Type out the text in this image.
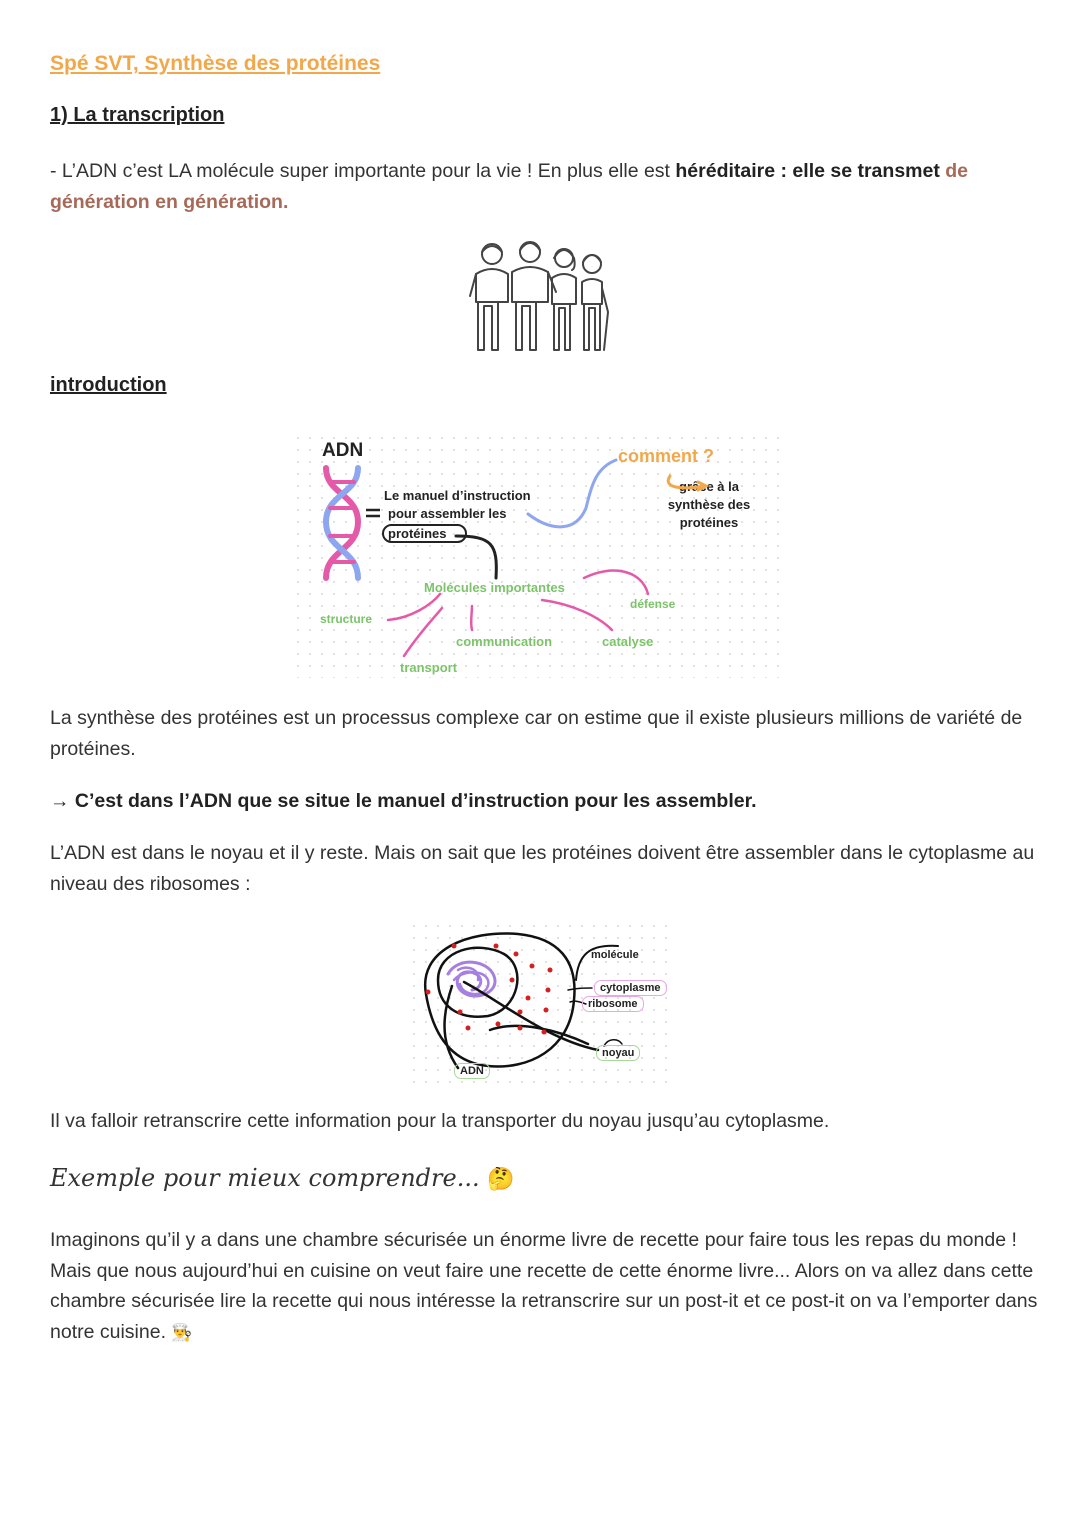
Spé SVT, Synthèse des protéines
1) La transcription
- L’ADN c’est LA molécule super importante pour la vie ! En plus elle est héréditaire : elle se transmet de génération en génération.
introduction
ADN
Le manuel d’instruction
pour assembler les
protéines
comment ?
grâce à la
synthèse des
protéines
Molécules importantes
structure
transport
communication	catalyse
défense
La synthèse des protéines est un processus complexe car on estime que il existe plusieurs millions de variété de protéines.
→ C’est dans l’ADN que se situe le manuel d’instruction pour les assembler.
L’ADN est dans le noyau et il y reste. Mais on sait que les protéines doivent être assembler dans le cytoplasme au niveau des ribosomes :
molécule
cytoplasme
ribosome
noyau
ADN
Il va falloir retranscrire cette information pour la transporter du noyau jusqu’au cytoplasme.
Exemple pour mieux comprendre... 🤔
Imaginons qu’il y a dans une chambre sécurisée un énorme livre de recette pour faire tous les repas du monde ! Mais que nous aujourd’hui en cuisine on veut faire une recette de cette énorme livre... Alors on va allez dans cette chambre sécurisée lire la recette qui nous intéresse la retranscrire sur un post-it et ce post-it on va l’emporter dans notre cuisine. 👨‍🍳
